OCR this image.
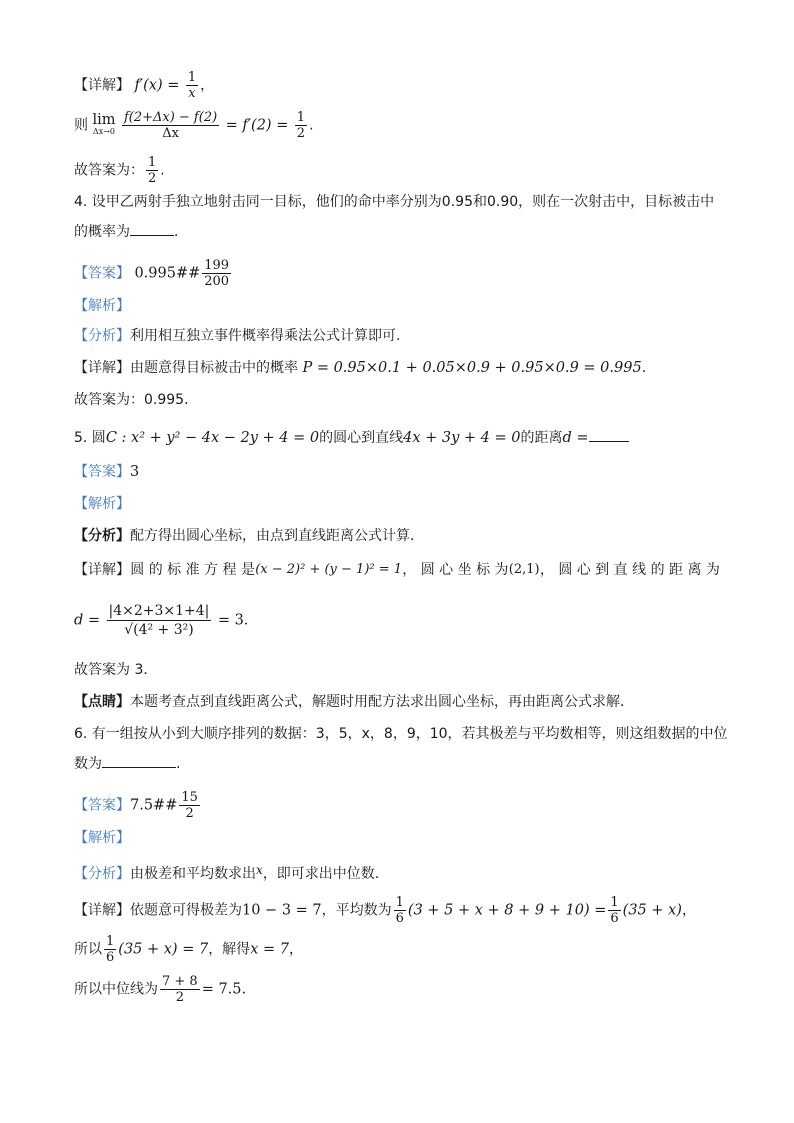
【详解】 $f'(x) = \frac{1}{x}$ ，
则 lim
Δx→0
$\frac{f(2+\Delta x) - f(2)}{\Delta x} = f'(2) = \frac{1}{2}$ .
故答案为： $\frac{1}{2}$ .
4. 设甲乙两射手独立地射击同一目标，他们的命中率分别为0.95和0.90，则在一次射击中，目标被击中
的概率为	．
【答案】 0.995## $\frac{199}{200}$
【解析】
【分析】利用相互独立事件概率得乘法公式计算即可.
【详解】由题意得目标被击中的概率 P = 0.95×0.1 + 0.05×0.9 + 0.95×0.9 = 0.995.
故答案为：0.995．
5. 圆C : x² + y² − 4x − 2y + 4 = 0的圆心到直线4x + 3y + 4 = 0的距离d =
【答案】3
【解析】
【分析】配方得出圆心坐标，由点到直线距离公式计算．
【详解】 圆 的 标 准 方 程 是 (x − 2)² + (y − 1)² = 1 ， 圆 心 坐 标 为 (2,1) ， 圆 心 到 直 线 的 距 离 为
$d = \frac{|4\times 2+3\times 1+4|}{\text{√(4² + 3²)}} = 3$．
故答案为 3．
【点睛】本题考查点到直线距离公式，解题时用配方法求出圆心坐标，再由距离公式求解．
6. 有一组按从小到大顺序排列的数据：3，5，x，8，9，10，若其极差与平均数相等，则这组数据的中位
数为	.
【答案】7.5## $\frac{15}{2}$
【解析】
【分析】由极差和平均数求出x，即可求出中位数.
【详解】依题意可得极差为10 − 3 = 7，平均数为 $\frac{1}{6} (3 + 5 + x + 8 + 9 + 10) = \frac{1}{6} (35 + x)$，
所以 $\frac{1}{6} (35 + x) = 7$，解得x = 7，
所以中位线为 $\frac{7 + 8}{2} = 7.5$.
